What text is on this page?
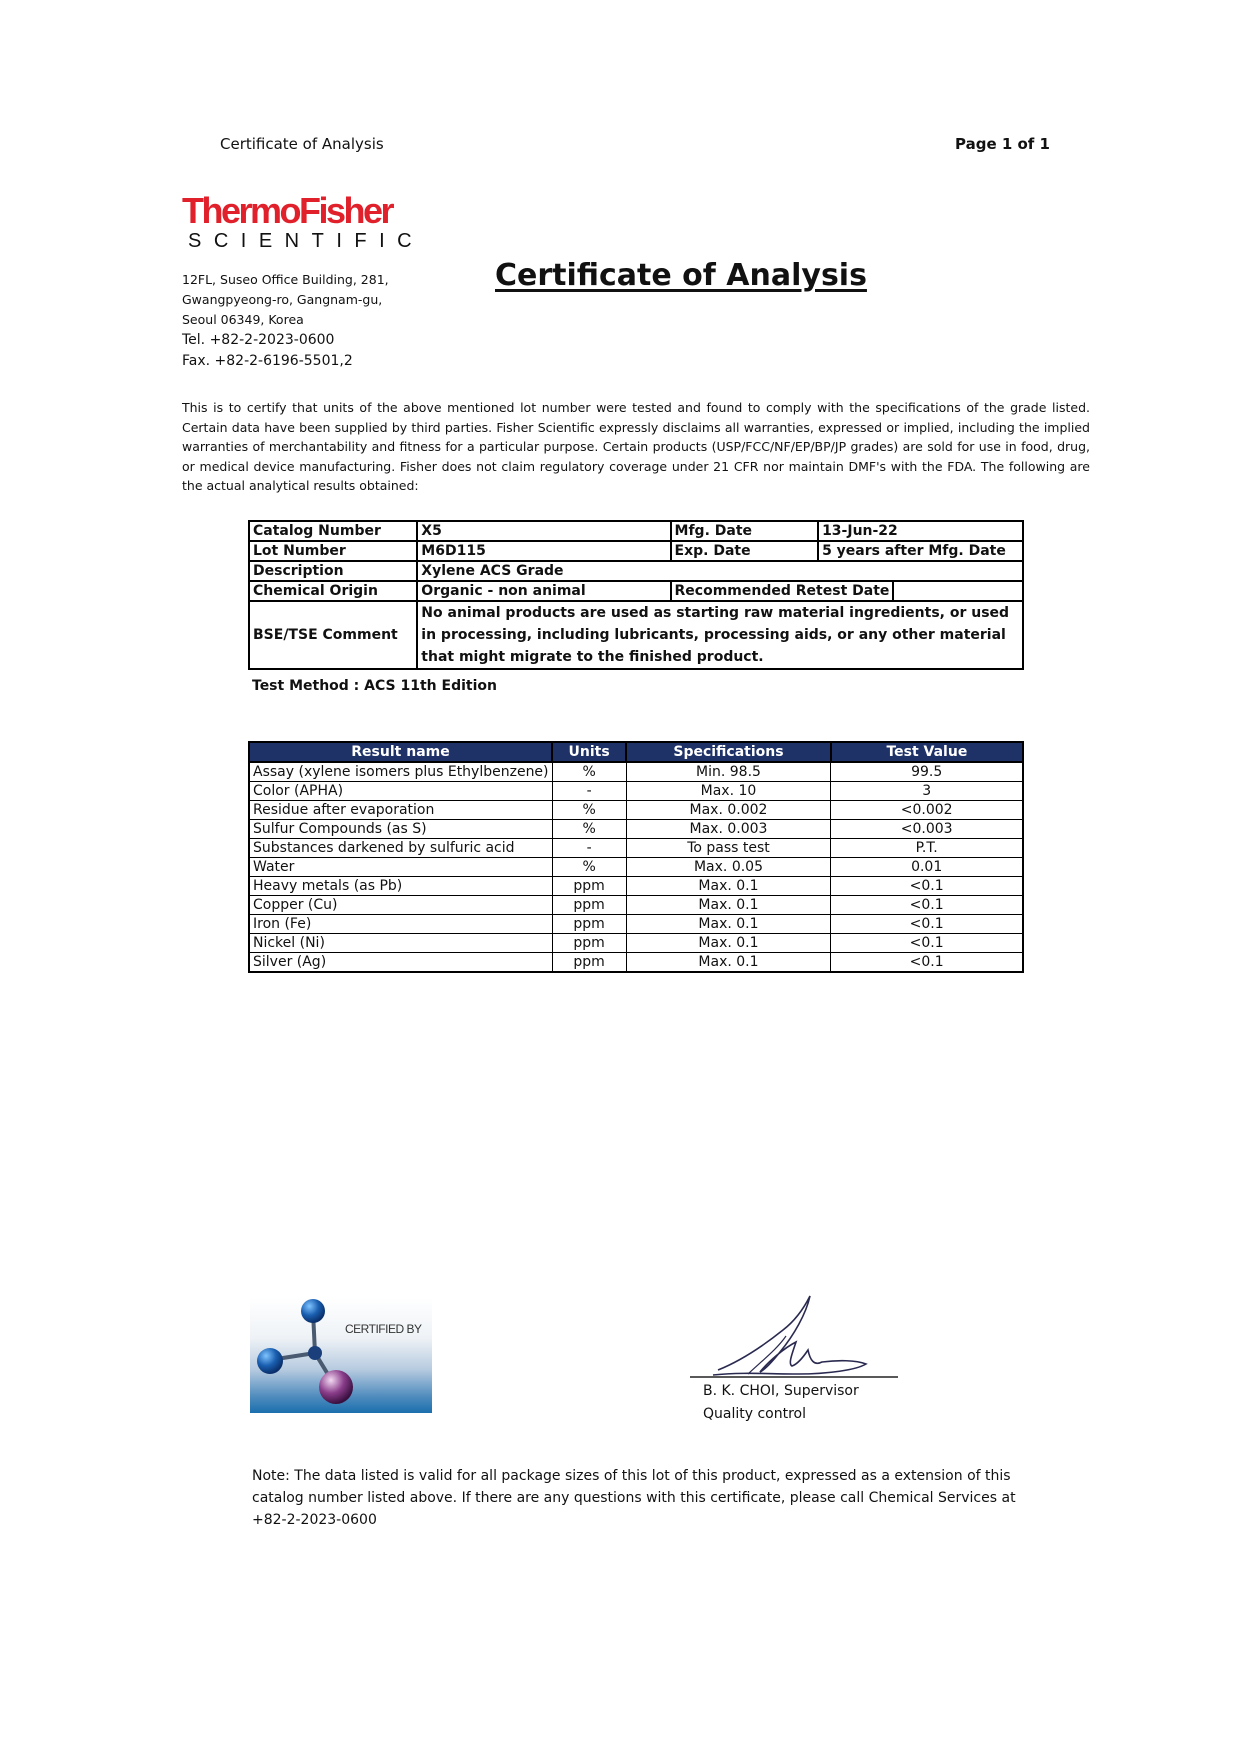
Certificate of Analysis	Page 1 of 1
ThermoFisher
SCIENTIFIC
12FL, Suseo Office Building, 281,
Gwangpyeong-ro, Gangnam-gu,
Seoul 06349, Korea
Tel. +82-2-2023-0600
Fax. +82-2-6196-5501,2
Certificate of Analysis
This is to certify that units of the above mentioned lot number were tested and found to comply with the specifications of the grade listed. Certain data have been supplied by third parties. Fisher Scientific expressly disclaims all warranties, expressed or implied, including the implied warranties of merchantability and fitness for a particular purpose. Certain products (USP/FCC/NF/EP/BP/JP grades) are sold for use in food, drug, or medical device manufacturing. Fisher does not claim regulatory coverage under 21 CFR nor maintain DMF's with the FDA. The following are the actual analytical results obtained:
Catalog Number	X5	Mfg. Date	13-Jun-22	
Lot Number	M6D115	Exp. Date	5 years after Mfg. Date	
Description	Xylene ACS Grade			
Chemical Origin	Organic - non animal	Recommended Retest Date		
BSE/TSE Comment	No animal products are used as starting raw material ingredients, or used in processing, including lubricants, processing aids, or any other material that might migrate to the finished product.			
Test Method : ACS 11th Edition
Result name	Units	Specifications	Test Value
Assay (xylene isomers plus Ethylbenzene)	%	Min. 98.5	99.5
Color (APHA)	-	Max. 10	3
Residue after evaporation	%	Max. 0.002	<0.002
Sulfur Compounds (as S)	%	Max. 0.003	<0.003
Substances darkened by sulfuric acid	-	To pass test	P.T.
Water	%	Max. 0.05	0.01
Heavy metals (as Pb)	ppm	Max. 0.1	<0.1
Copper (Cu)	ppm	Max. 0.1	<0.1
Iron (Fe)	ppm	Max. 0.1	<0.1
Nickel (Ni)	ppm	Max. 0.1	<0.1
Silver (Ag)	ppm	Max. 0.1	<0.1
CERTIFIED BY
B. K. CHOI, Supervisor
Quality control
Note: The data listed is valid for all package sizes of this lot of this product, expressed as a extension of this catalog number listed above. If there are any questions with this certificate, please call Chemical Services at +82-2-2023-0600
